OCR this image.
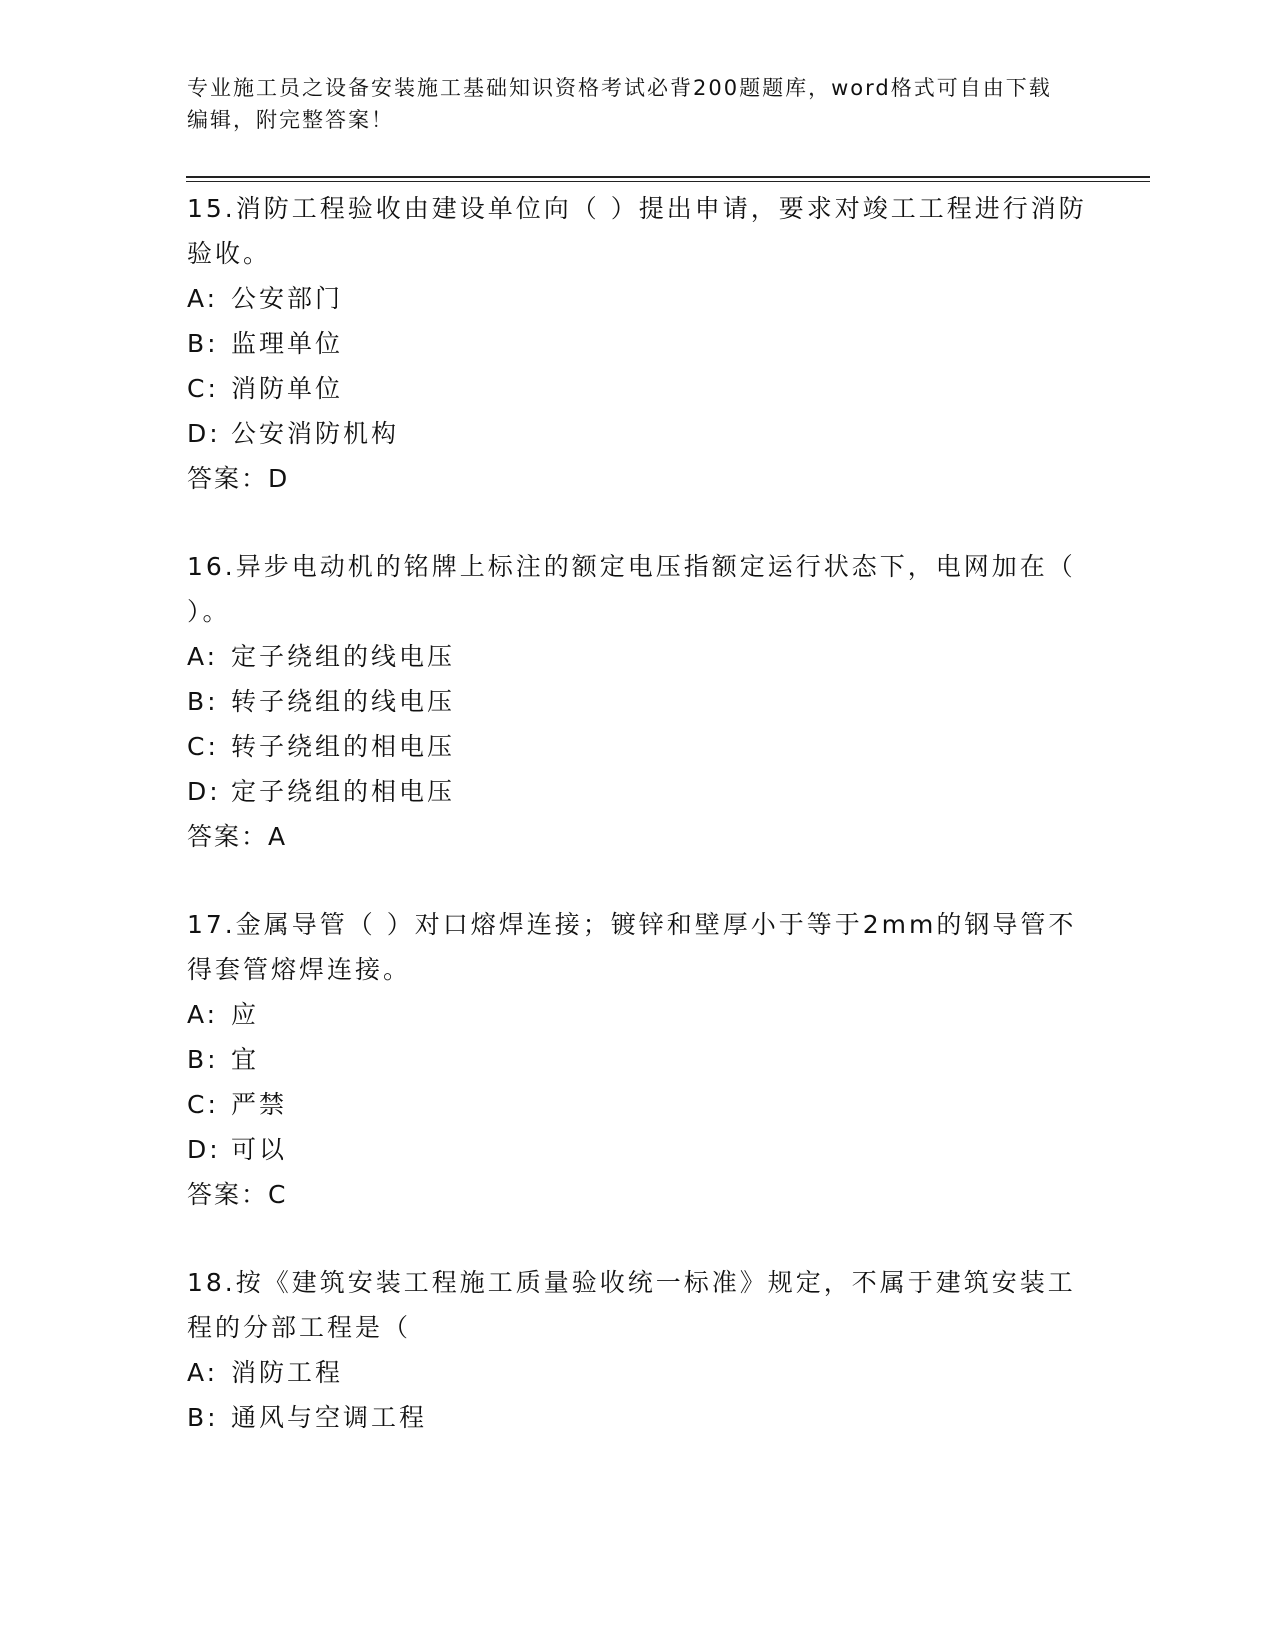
专业施工员之设备安装施工基础知识资格考试必背200题题库，word格式可自由下载编辑，附完整答案！

15.消防工程验收由建设单位向（ ）提出申请，要求对竣工工程进行消防验收。

A: 公安部门
B: 监理单位
C: 消防单位
D: 公安消防机构

答案：D

16.异步电动机的铭牌上标注的额定电压指额定运行状态下，电网加在（ ）。

A: 定子绕组的线电压
B: 转子绕组的线电压
C: 转子绕组的相电压
D: 定子绕组的相电压

答案：A

17.金属导管（ ）对口熔焊连接；镀锌和壁厚小于等于2mm的钢导管不得套管熔焊连接。

A: 应
B: 宜
C: 严禁
D: 可以

答案：C

18.按《建筑安装工程施工质量验收统一标准》规定，不属于建筑安装工程的分部工程是（

A: 消防工程
B: 通风与空调工程
